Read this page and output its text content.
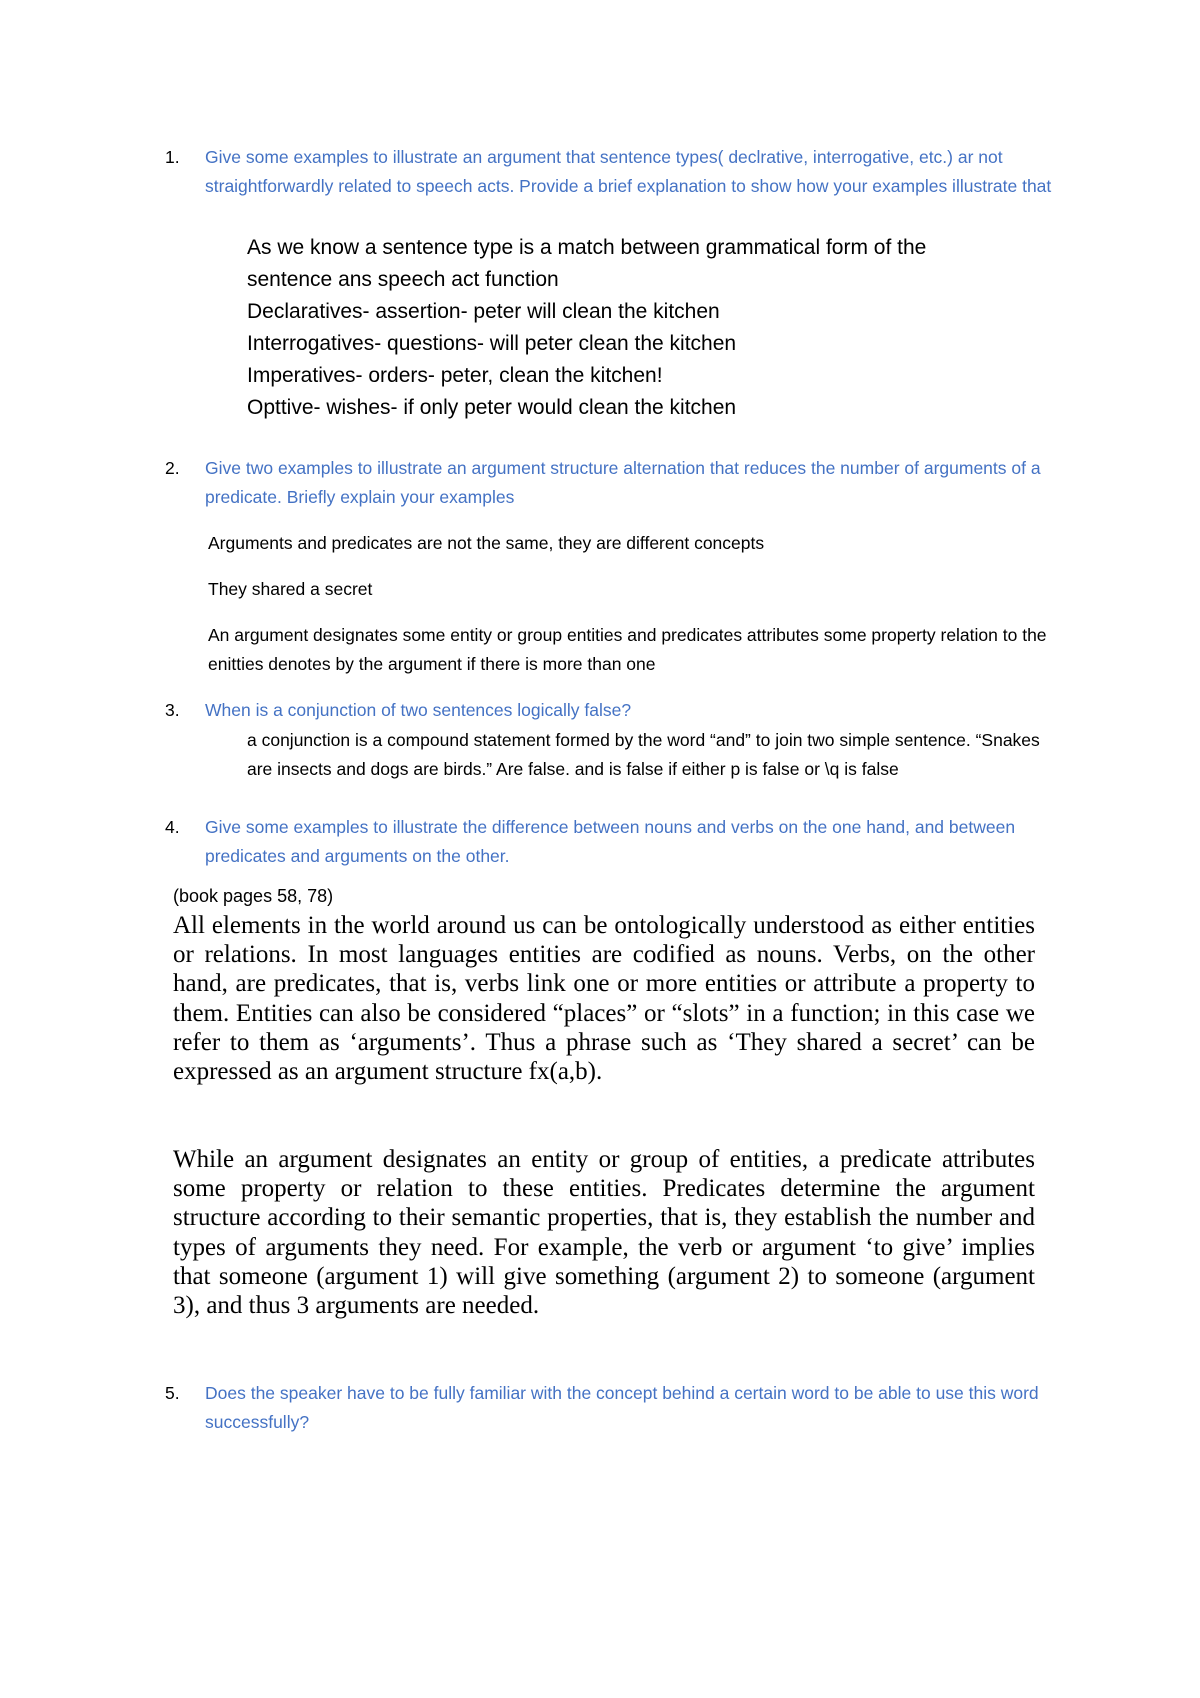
1. Give some examples to illustrate an argument that sentence types( declrative, interrogative, etc.) ar not straightforwardly related to speech acts. Provide a brief explanation to show how your examples illustrate that
As we know a sentence type is a match between grammatical form of the
sentence ans speech act function
Declaratives- assertion- peter will clean the kitchen
Interrogatives- questions- will peter clean the kitchen
Imperatives- orders- peter, clean the kitchen!
Opttive- wishes- if only peter would clean the kitchen
2. Give two examples to illustrate an argument structure alternation that reduces the number of arguments of a predicate. Briefly explain your examples
Arguments and predicates are not the same, they are different concepts
They shared a secret
An argument designates some entity or group entities and predicates attributes some property relation to the enitties denotes by the argument if there is more than one
3. When is a conjunction of two sentences logically false?
a conjunction is a compound statement formed by the word “and” to join two simple sentence. “Snakes are insects and dogs are birds.” Are false. and is false if either p is false or \q is false
4. Give some examples to illustrate the difference between nouns and verbs on the one hand, and between predicates and arguments on the other.
(book pages 58, 78)
All elements in the world around us can be ontologically understood as either entities or relations. In most languages entities are codified as nouns. Verbs, on the other hand, are predicates, that is, verbs link one or more entities or attribute a property to them. Entities can also be considered “places” or “slots” in a function; in this case we refer to them as ‘arguments’. Thus a phrase such as ‘They shared a secret’ can be expressed as an argument structure fx(a,b).
While an argument designates an entity or group of entities, a predicate attributes some property or relation to these entities. Predicates determine the argument structure according to their semantic properties, that is, they establish the number and types of arguments they need. For example, the verb or argument ‘to give’ implies that someone (argument 1) will give something (argument 2) to someone (argument 3), and thus 3 arguments are needed.
5. Does the speaker have to be fully familiar with the concept behind a certain word to be able to use this word successfully?
